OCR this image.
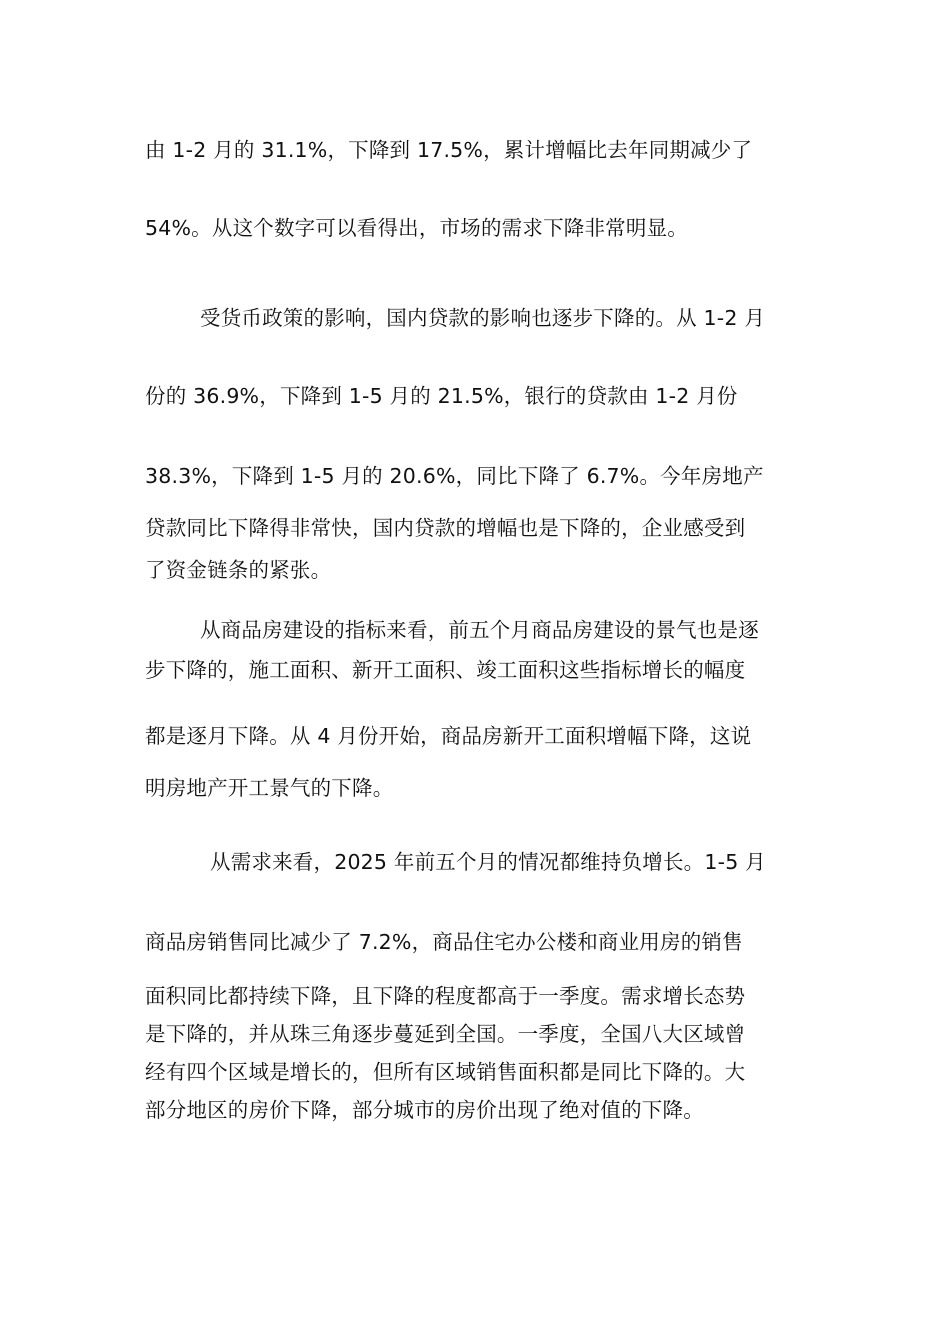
由 1-2 月的 31.1%，下降到 17.5%，累计增幅比去年同期减少了
54%。从这个数字可以看得出，市场的需求下降非常明显。
受货币政策的影响，国内贷款的影响也逐步下降的。从 1-2 月
份的 36.9%，下降到 1-5 月的 21.5%，银行的贷款由 1-2 月份
38.3%，下降到 1-5 月的 20.6%，同比下降了 6.7%。今年房地产
贷款同比下降得非常快，国内贷款的增幅也是下降的，企业感受到
了资金链条的紧张。
从商品房建设的指标来看，前五个月商品房建设的景气也是逐
步下降的，施工面积、新开工面积、竣工面积这些指标增长的幅度
都是逐月下降。从 4 月份开始，商品房新开工面积增幅下降，这说
明房地产开工景气的下降。
从需求来看，2025 年前五个月的情况都维持负增长。1-5 月
商品房销售同比减少了 7.2%，商品住宅办公楼和商业用房的销售
面积同比都持续下降，且下降的程度都高于一季度。需求增长态势
是下降的，并从珠三角逐步蔓延到全国。一季度，全国八大区域曾
经有四个区域是增长的，但所有区域销售面积都是同比下降的。大
部分地区的房价下降，部分城市的房价出现了绝对值的下降。
